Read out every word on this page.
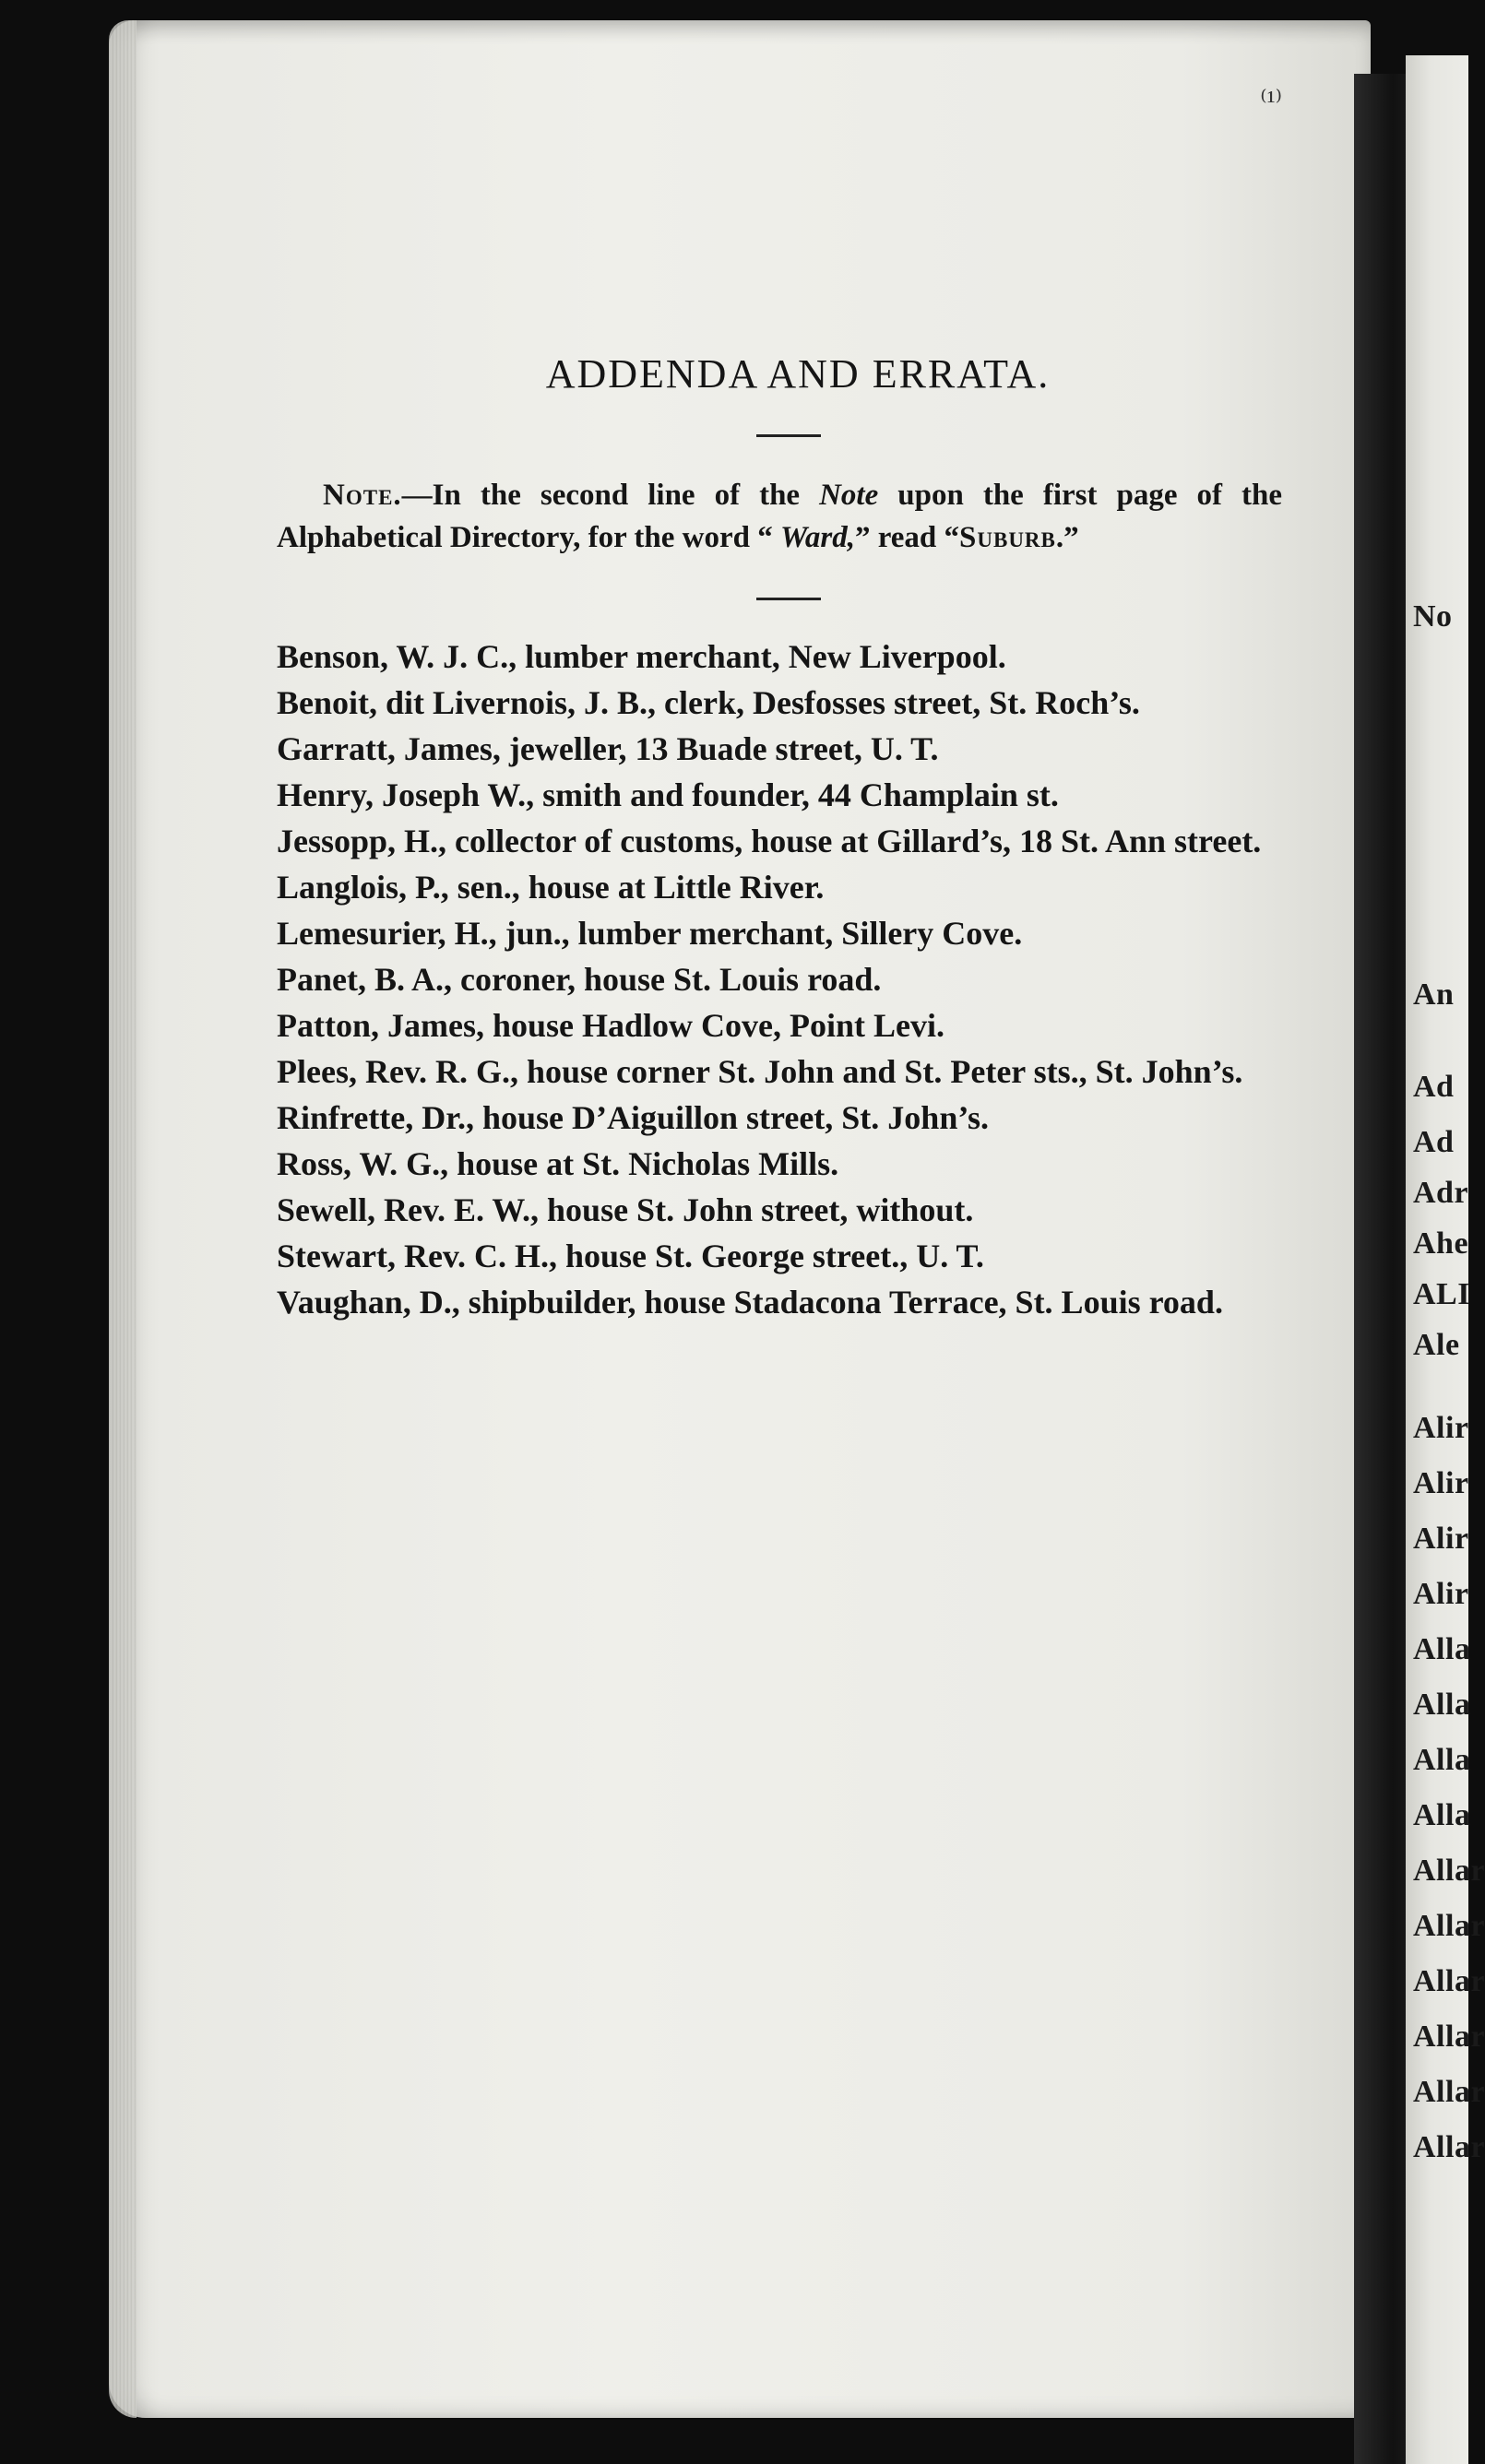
⁽¹⁾
No
An
Ad
Ad
Adr
Ahe
ALI
Ale
Alir
Alir
Alir
Alir
Alla
Alla
Alla
Alla
Allar
Allar
Allar
Allar
Allar
Allar
ADDENDA AND ERRATA.

Note.—In the second line of the Note upon the first page of the Alphabetical Directory, for the word “ Ward,” read “Suburb.”

Benson, W. J. C., lumber merchant, New Liverpool.
Benoit, dit Livernois, J. B., clerk, Desfosses street, St. Roch’s.
Garratt, James, jeweller, 13 Buade street, U. T.
Henry, Joseph W., smith and founder, 44 Champlain st.
Jessopp, H., collector of customs, house at Gillard’s, 18 St. Ann street.
Langlois, P., sen., house at Little River.
Lemesurier, H., jun., lumber merchant, Sillery Cove.
Panet, B. A., coroner, house St. Louis road.
Patton, James, house Hadlow Cove, Point Levi.
Plees, Rev. R. G., house corner St. John and St. Peter sts., St. John’s.
Rinfrette, Dr., house D’Aiguillon street, St. John’s.
Ross, W. G., house at St. Nicholas Mills.
Sewell, Rev. E. W., house St. John street, without.
Stewart, Rev. C. H., house St. George street., U. T.
Vaughan, D., shipbuilder, house Stadacona Terrace, St. Louis road.
